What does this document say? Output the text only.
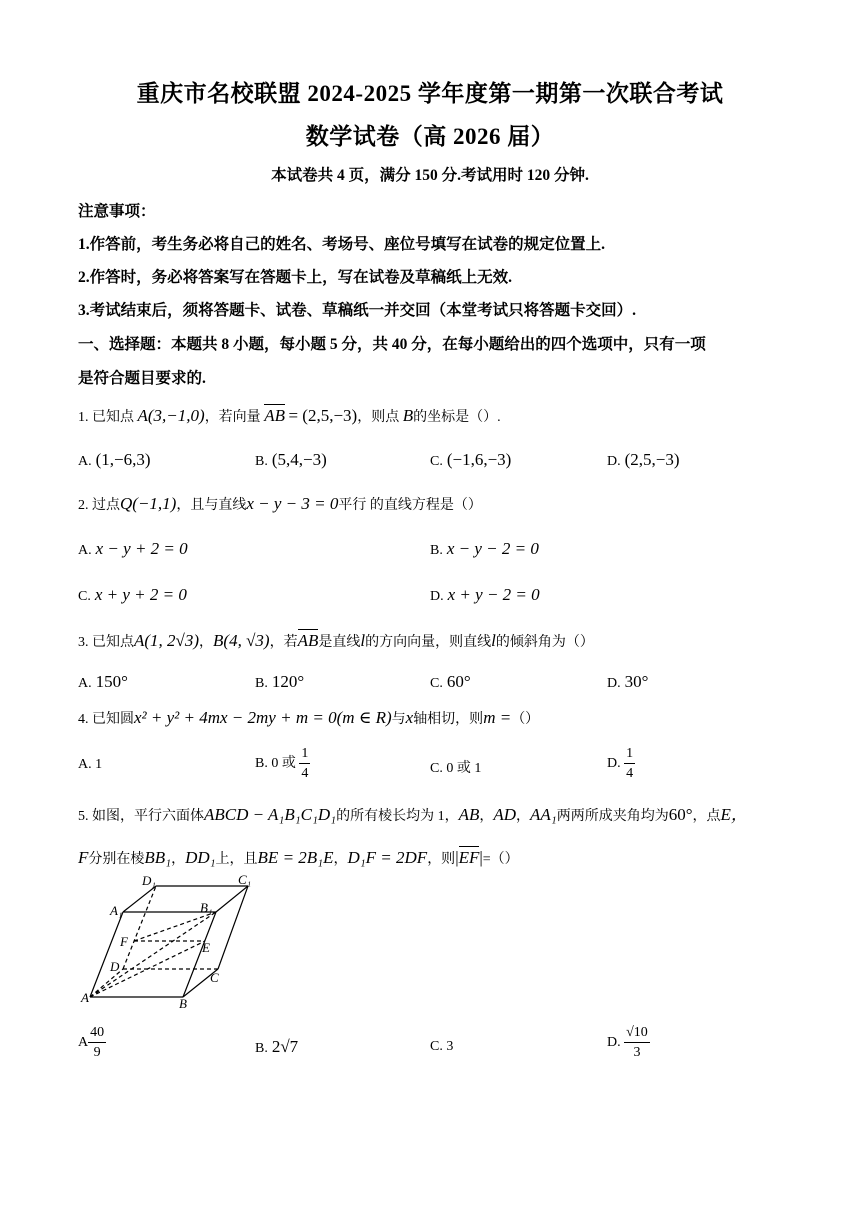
重庆市名校联盟 2024-2025 学年度第一期第一次联合考试
数学试卷（高 2026 届）
本试卷共 4 页，满分 150 分.考试用时 120 分钟.
注意事项：
1.作答前，考生务必将自己的姓名、考场号、座位号填写在试卷的规定位置上.
2.作答时，务必将答案写在答题卡上，写在试卷及草稿纸上无效.
3.考试结束后，须将答题卡、试卷、草稿纸一并交回（本堂考试只将答题卡交回）.
一、选择题：本题共 8 小题，每小题 5 分，共 40 分，在每小题给出的四个选项中，只有一项
是符合题目要求的.
1. 已知点 A(3,−1,0)，若向量 AB = (2,5,−3)，则点 B的坐标是（）.
A. (1,−6,3)	B. (5,4,−3)	C. (−1,6,−3)	D. (2,5,−3)
2. 过点Q(−1,1)，且与直线x − y − 3 = 0平行 的直线方程是（）
A. x − y + 2 = 0	B. x − y − 2 = 0
C. x + y + 2 = 0	D. x + y − 2 = 0
3. 已知点A(1, 2√3)，B(4, √3)，若AB是直线l的方向向量，则直线l的倾斜角为（）
A. 150°	B. 120°	C. 60°	D. 30°
4. 已知圆x² + y² + 4mx − 2my + m = 0(m ∈ R)与x轴相切，则m =（）
A. 1	B. 0 或 $\frac{1}{4}$	C. 0 或 1	D. $\frac{1}{4}$
5. 如图，平行六面体ABCD − A₁B₁C₁D₁的所有棱长均为 1，AB，AD，AA₁两两所成夹角均为60°，点E，
F分别在棱BB₁，DD₁上，且BE = 2B₁E，D₁F = 2DF，则|EF|=（）
D₁	C₁
A₁	B₁
F	E
D
C
A	B
A $\frac{40}{9}$	B. 2√7	C. 3	D. $\frac{√10}{3}$
